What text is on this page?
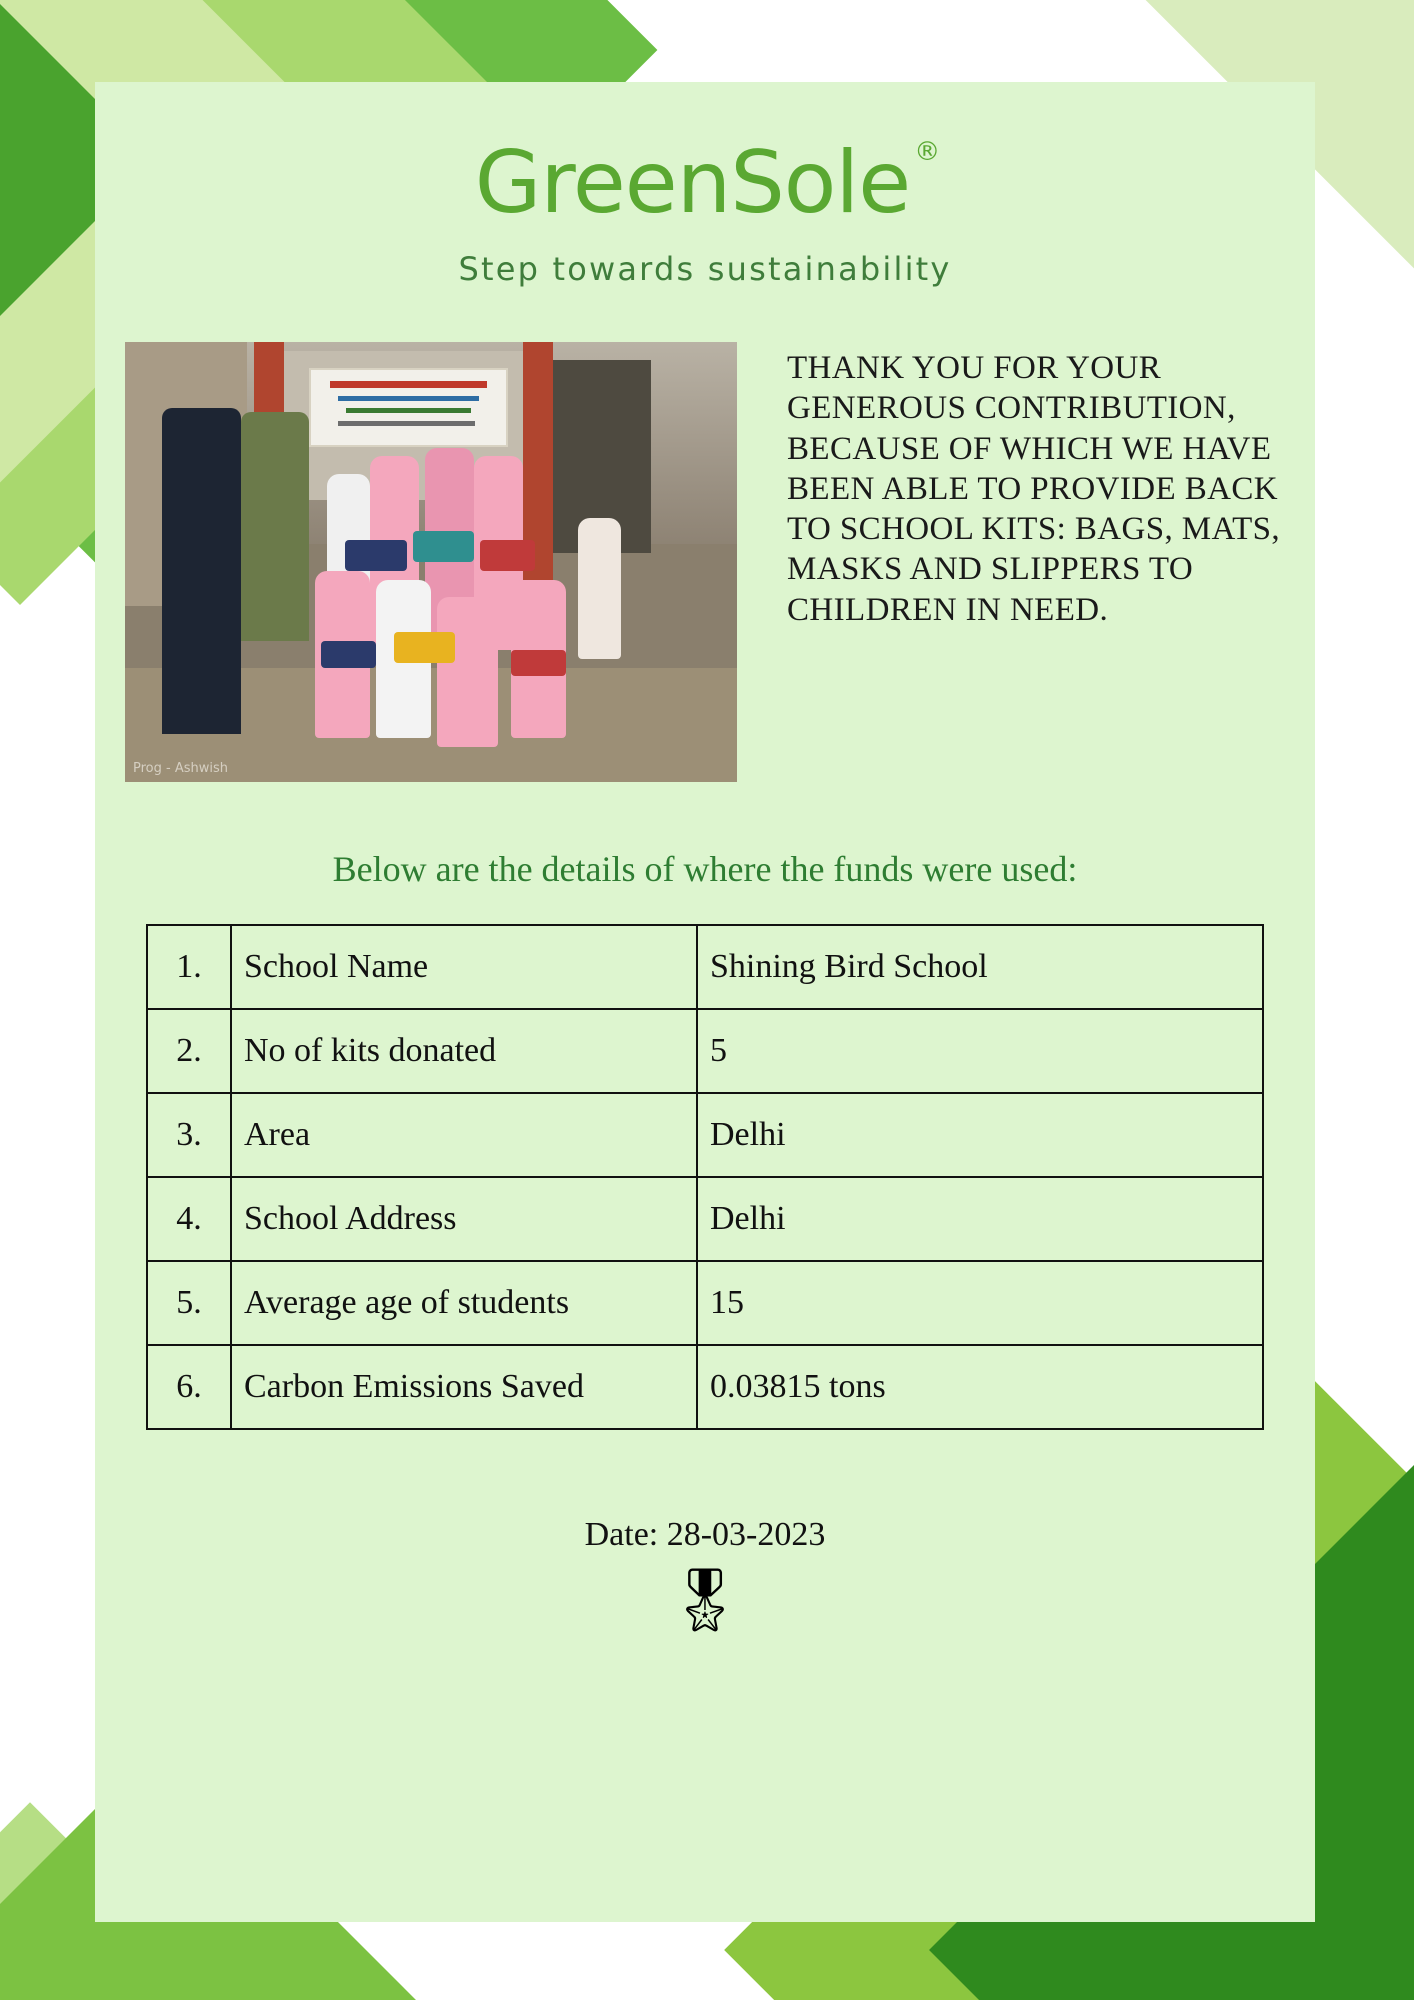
GreenSole ®
Step towards sustainability
Prog - Ashwish
THANK YOU FOR YOUR GENEROUS CONTRIBUTION, BECAUSE OF WHICH WE HAVE BEEN ABLE TO PROVIDE BACK TO SCHOOL KITS: BAGS, MATS, MASKS AND SLIPPERS TO CHILDREN IN NEED.
Below are the details of where the funds were used:
1.	School Name	Shining Bird School
2.	No of kits donated	5
3.	Area	Delhi
4.	School Address	Delhi
5.	Average age of students	15
6.	Carbon Emissions Saved	0.03815 tons
Date: 28-03-2023
🎖
